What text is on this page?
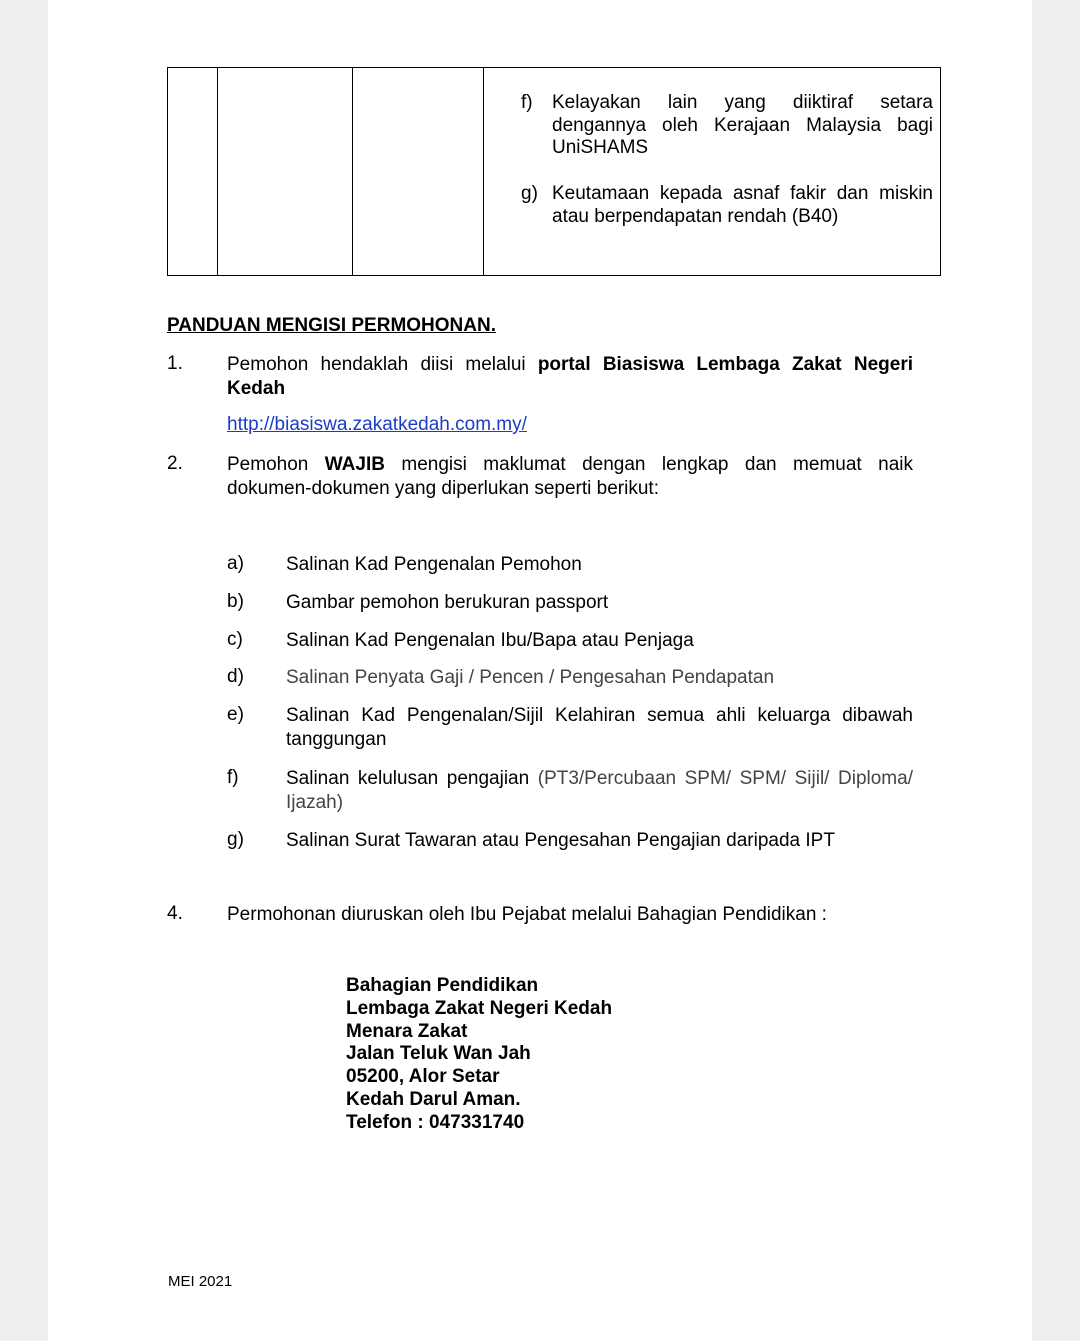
f) Kelayakan lain yang diiktiraf setara dengannya oleh Kerajaan Malaysia bagi UniSHAMS
g) Keutamaan kepada asnaf fakir dan miskin atau berpendapatan rendah (B40)
PANDUAN MENGISI PERMOHONAN.
1. Pemohon hendaklah diisi melalui portal Biasiswa Lembaga Zakat Negeri Kedah
http://biasiswa.zakatkedah.com.my/
2. Pemohon WAJIB mengisi maklumat dengan lengkap dan memuat naik dokumen-dokumen yang diperlukan seperti berikut:
a) Salinan Kad Pengenalan Pemohon
b) Gambar pemohon berukuran passport
c) Salinan Kad Pengenalan Ibu/Bapa atau Penjaga
d) Salinan Penyata Gaji / Pencen / Pengesahan Pendapatan
e) Salinan Kad Pengenalan/Sijil Kelahiran semua ahli keluarga dibawah tanggungan
f) Salinan kelulusan pengajian (PT3/Percubaan SPM/ SPM/ Sijil/ Diploma/ Ijazah)
g) Salinan Surat Tawaran atau Pengesahan Pengajian daripada IPT
4. Permohonan diuruskan oleh Ibu Pejabat melalui Bahagian Pendidikan :
Bahagian Pendidikan
Lembaga Zakat Negeri Kedah
Menara Zakat
Jalan Teluk Wan Jah
05200, Alor Setar
Kedah Darul Aman.
Telefon : 047331740
MEI 2021
